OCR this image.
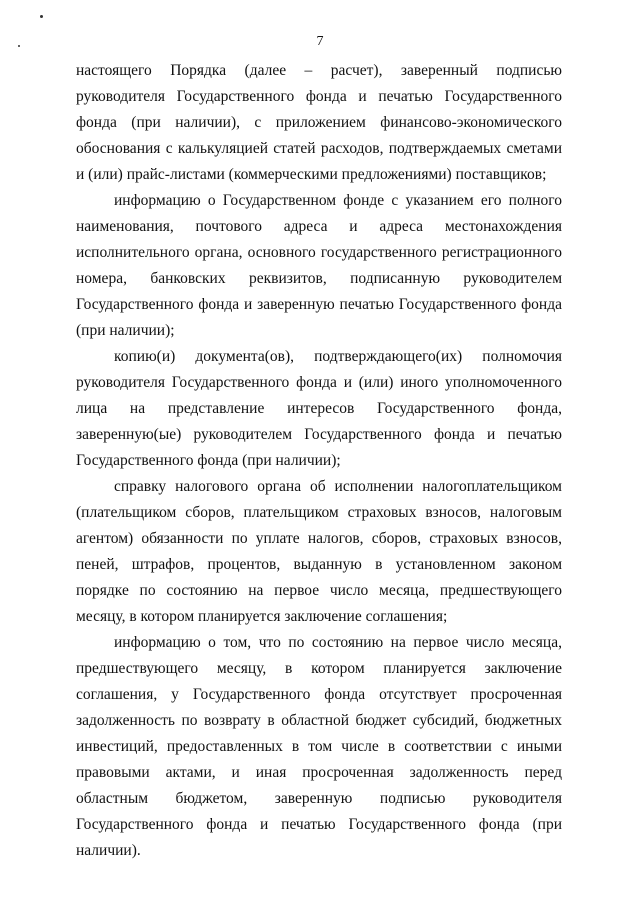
7

настоящего Порядка (далее – расчет), заверенный подписью руководителя Государственного фонда и печатью Государственного фонда (при наличии), с приложением финансово-экономического обоснования с калькуляцией статей расходов, подтверждаемых сметами и (или) прайс-листами (коммерческими предложениями) поставщиков;

информацию о Государственном фонде с указанием его полного наименования, почтового адреса и адреса местонахождения исполнительного органа, основного государственного регистрационного номера, банковских реквизитов, подписанную руководителем Государственного фонда и заверенную печатью Государственного фонда (при наличии);

копию(и) документа(ов), подтверждающего(их) полномочия руководителя Государственного фонда и (или) иного уполномоченного лица на представление интересов Государственного фонда, заверенную(ые) руководителем Государственного фонда и печатью Государственного фонда (при наличии);

справку налогового органа об исполнении налогоплательщиком (плательщиком сборов, плательщиком страховых взносов, налоговым агентом) обязанности по уплате налогов, сборов, страховых взносов, пеней, штрафов, процентов, выданную в установленном законом порядке по состоянию на первое число месяца, предшествующего месяцу, в котором планируется заключение соглашения;

информацию о том, что по состоянию на первое число месяца, предшествующего месяцу, в котором планируется заключение соглашения, у Государственного фонда отсутствует просроченная задолженность по возврату в областной бюджет субсидий, бюджетных инвестиций, предоставленных в том числе в соответствии с иными правовыми актами, и иная просроченная задолженность перед областным бюджетом, заверенную подписью руководителя Государственного фонда и печатью Государственного фонда (при наличии).
